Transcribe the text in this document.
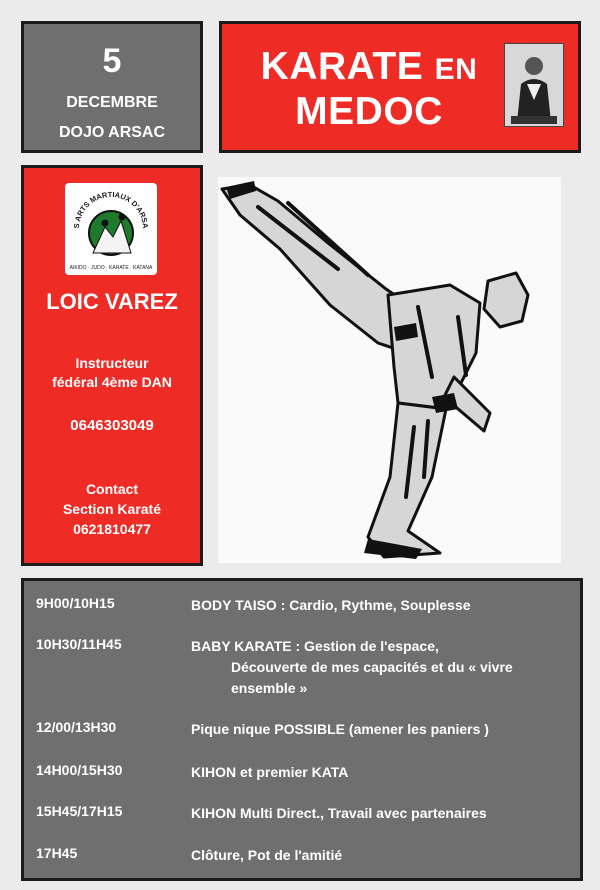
5
DECEMBRE
DOJO ARSAC
KARATE EN
MEDOC
S ARTS MARTIAUX D'ARSA
AIKIDO · JUDO · KARATE · KATANA
LOIC VAREZ
Instructeur
fédéral 4ème DAN
0646303049
Contact
Section Karaté
0621810477
9H00/10H15	BODY TAISO : Cardio, Rythme, Souplesse
10H30/11H45	BABY KARATE : Gestion de l'espace,
Découverte de mes capacités et du « vivre
ensemble »
12/00/13H30	Pique nique POSSIBLE (amener les paniers )
14H00/15H30	KIHON et premier KATA
15H45/17H15	KIHON Multi Direct., Travail avec partenaires
17H45	Clôture, Pot de l'amitié
